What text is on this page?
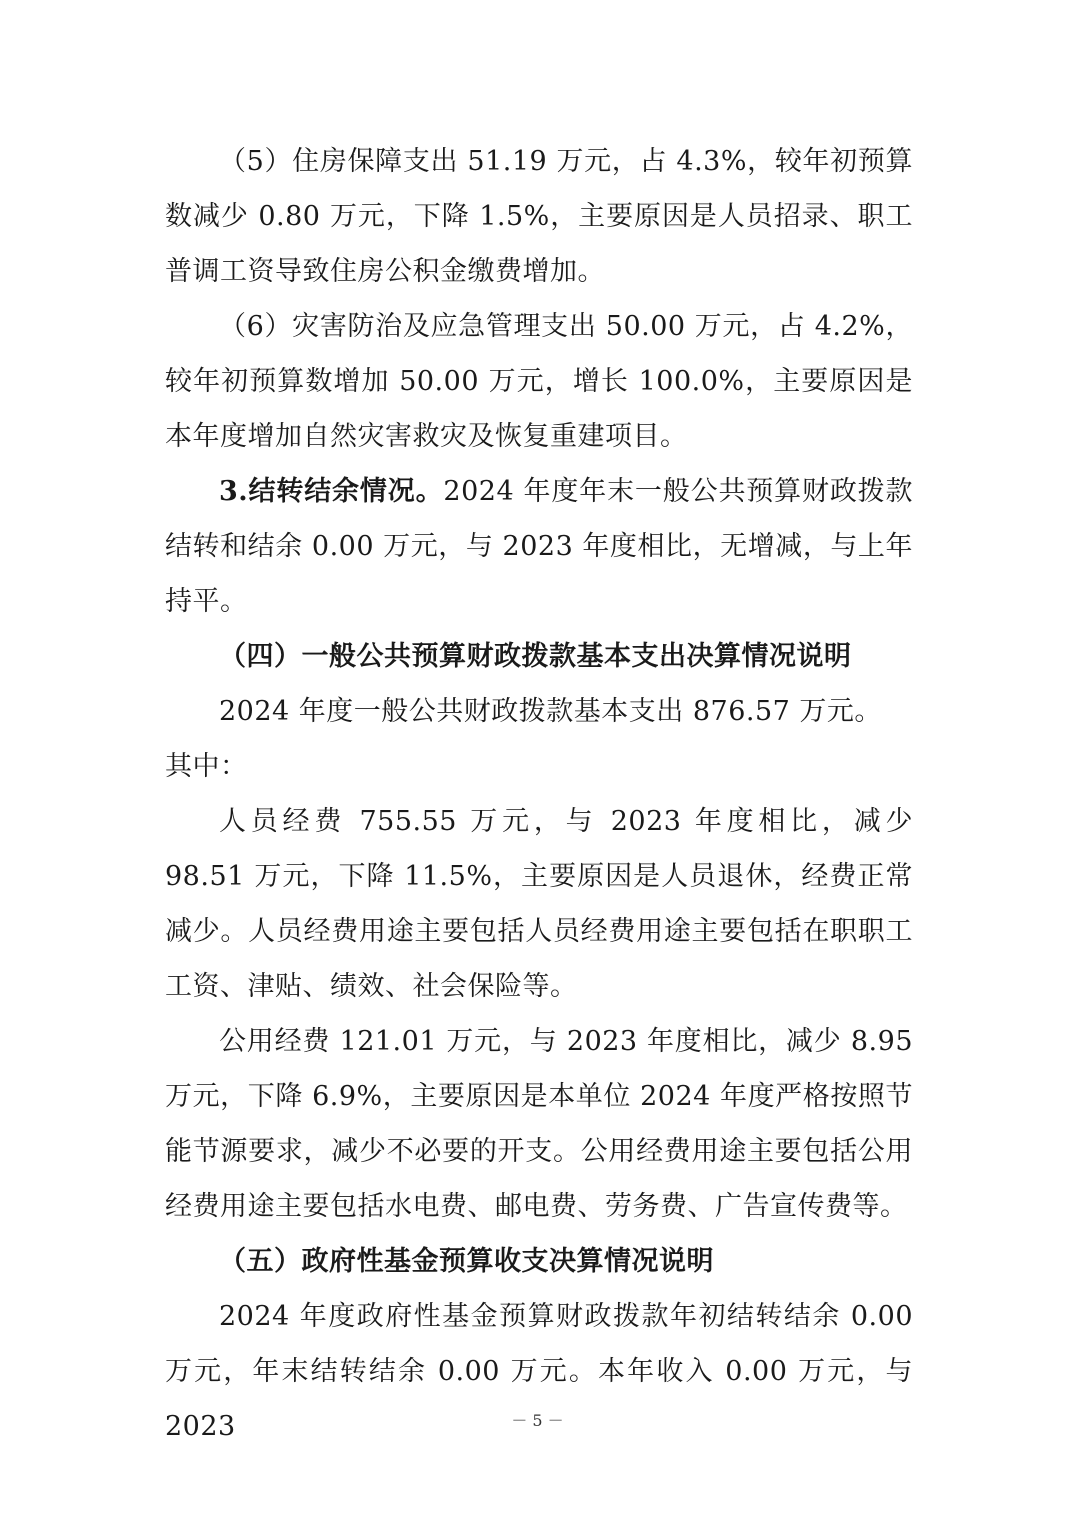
（5）住房保障支出 51.19 万元，占 4.3%，较年初预算数减少 0.80 万元，下降 1.5%，主要原因是人员招录、职工普调工资导致住房公积金缴费增加。

（6）灾害防治及应急管理支出 50.00 万元，占 4.2%，较年初预算数增加 50.00 万元，增长 100.0%，主要原因是本年度增加自然灾害救灾及恢复重建项目。

3.结转结余情况。2024 年度年末一般公共预算财政拨款结转和结余 0.00 万元，与 2023 年度相比，无增减，与上年持平。

（四）一般公共预算财政拨款基本支出决算情况说明

2024 年度一般公共财政拨款基本支出 876.57 万元。

其中：

人员经费 755.55 万元，与 2023 年度相比，减少 98.51 万元，下降 11.5%，主要原因是人员退休，经费正常减少。人员经费用途主要包括人员经费用途主要包括在职职工工资、津贴、绩效、社会保险等。

公用经费 121.01 万元，与 2023 年度相比，减少 8.95 万元，下降 6.9%，主要原因是本单位 2024 年度严格按照节能节源要求，减少不必要的开支。公用经费用途主要包括公用经费用途主要包括水电费、邮电费、劳务费、广告宣传费等。

（五）政府性基金预算收支决算情况说明

2024 年度政府性基金预算财政拨款年初结转结余 0.00 万元，年末结转结余 0.00 万元。本年收入 0.00 万元，与 2023	－ 5 －
